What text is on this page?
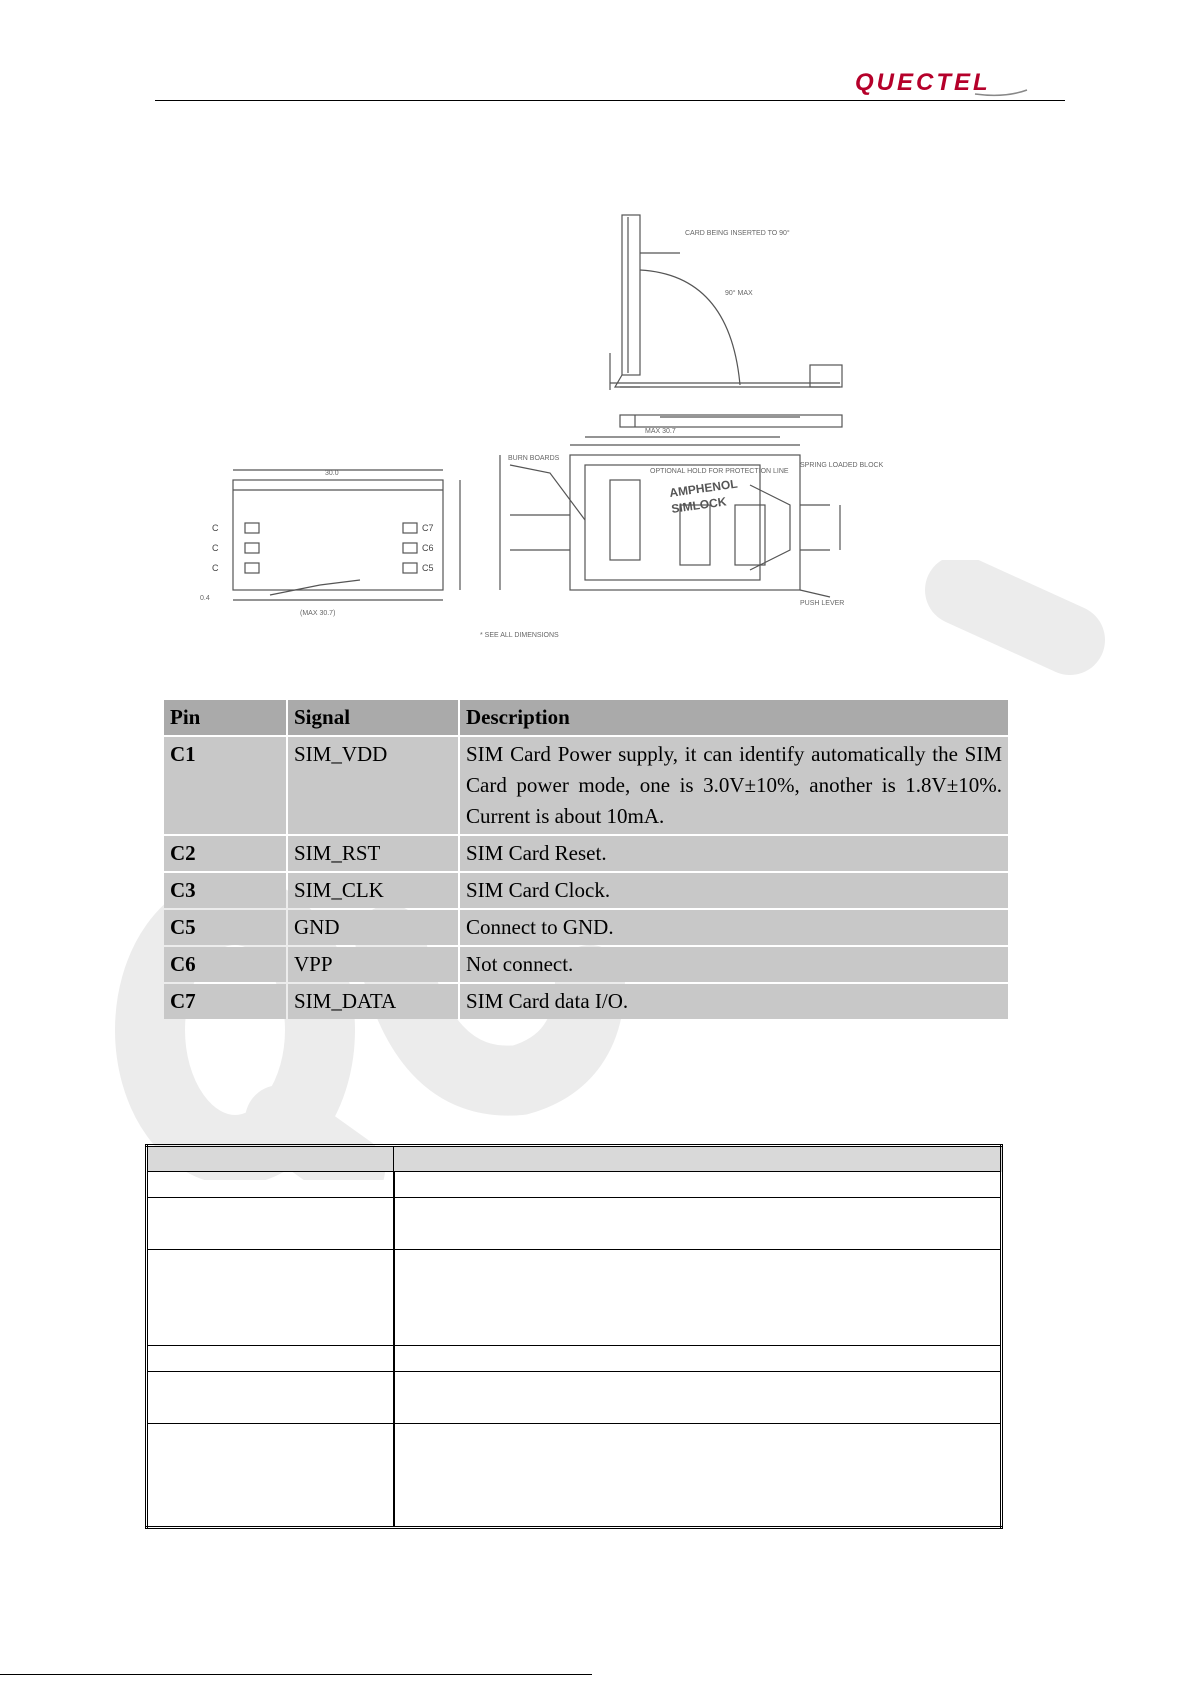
QUECTEL
CARD BEING INSERTED TO 90°
90° MAX
MAX 30.7
30.0	OPTIONAL HOLD FOR PROTECTION LINE
SPRING LOADED BLOCK
BURN BOARDS
PUSH LEVER
(MAX 30.7)
0.4
* SEE ALL DIMENSIONS
C
C
C
C7
C6
C5
AMPHENOL
SIMLOCK
Pin	Signal	Description
C1	SIM_VDD	SIM Card Power supply, it can identify automatically the SIM Card power mode, one is 3.0V±10%, another is 1.8V±10%. Current is about 10mA.
C2	SIM_RST	SIM Card Reset.
C3	SIM_CLK	SIM Card Clock.
C5	GND	Connect to GND.
C6	VPP	Not connect.
C7	SIM_DATA	SIM Card data I/O.
